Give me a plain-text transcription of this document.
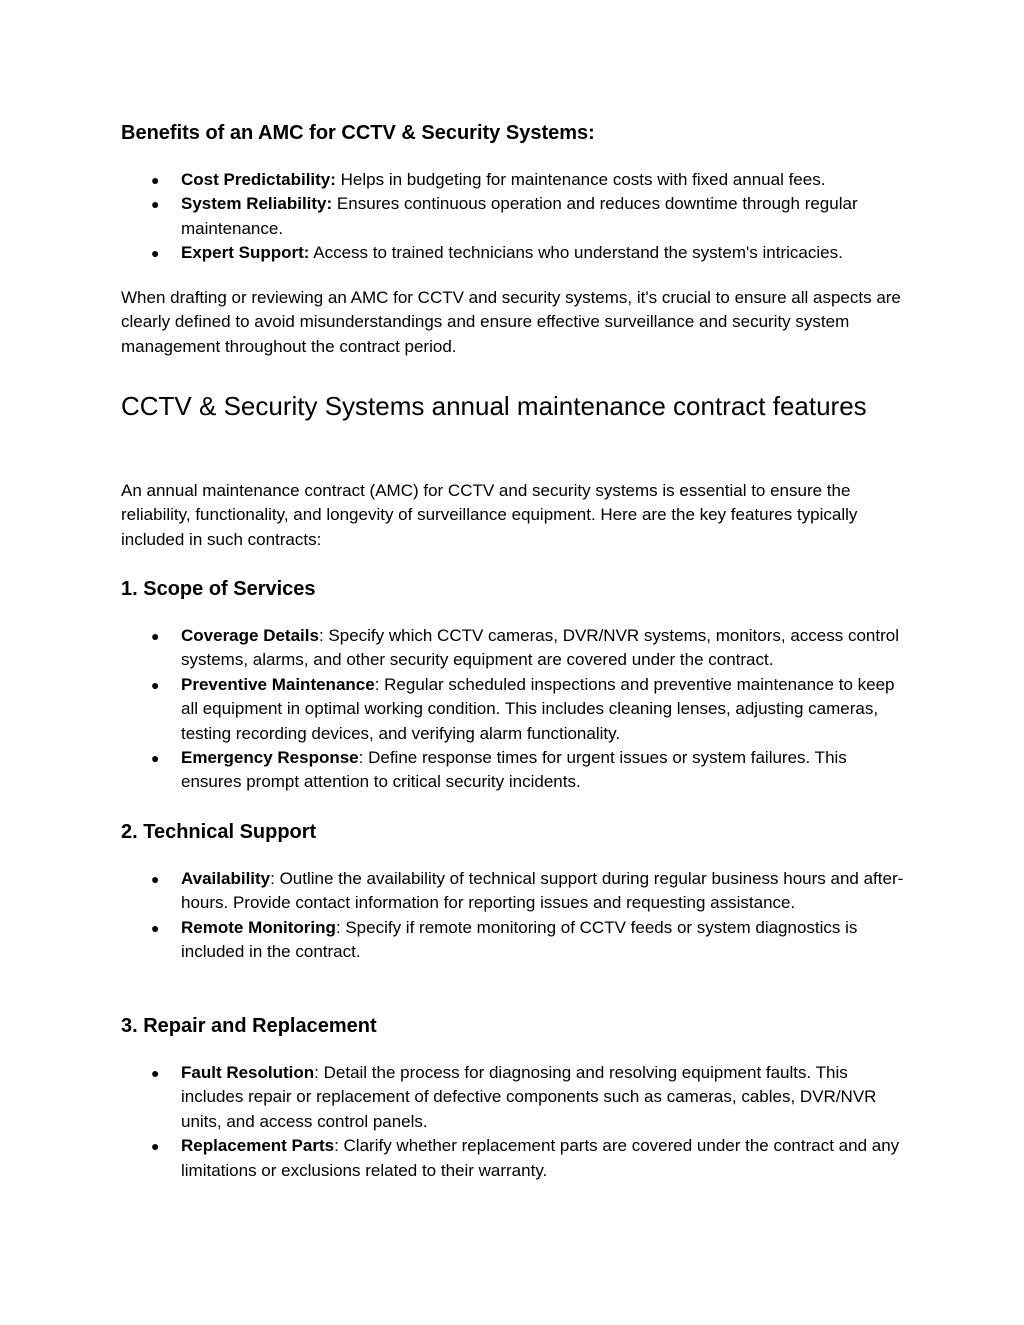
Benefits of an AMC for CCTV & Security Systems:
●	Cost Predictability: Helps in budgeting for maintenance costs with fixed annual fees.
●	System Reliability: Ensures continuous operation and reduces downtime through regular maintenance.
●	Expert Support: Access to trained technicians who understand the system's intricacies.

When drafting or reviewing an AMC for CCTV and security systems, it's crucial to ensure all aspects are clearly defined to avoid misunderstandings and ensure effective surveillance and security system management throughout the contract period.

CCTV & Security Systems annual maintenance contract features

An annual maintenance contract (AMC) for CCTV and security systems is essential to ensure the reliability, functionality, and longevity of surveillance equipment. Here are the key features typically included in such contracts:

1. Scope of Services
●	Coverage Details: Specify which CCTV cameras, DVR/NVR systems, monitors, access control systems, alarms, and other security equipment are covered under the contract.
●	Preventive Maintenance: Regular scheduled inspections and preventive maintenance to keep all equipment in optimal working condition. This includes cleaning lenses, adjusting cameras, testing recording devices, and verifying alarm functionality.
●	Emergency Response: Define response times for urgent issues or system failures. This ensures prompt attention to critical security incidents.
2. Technical Support
●	Availability: Outline the availability of technical support during regular business hours and after-hours. Provide contact information for reporting issues and requesting assistance.
●	Remote Monitoring: Specify if remote monitoring of CCTV feeds or system diagnostics is included in the contract.
3. Repair and Replacement
●	Fault Resolution: Detail the process for diagnosing and resolving equipment faults. This includes repair or replacement of defective components such as cameras, cables, DVR/NVR units, and access control panels.
●	Replacement Parts: Clarify whether replacement parts are covered under the contract and any limitations or exclusions related to their warranty.
